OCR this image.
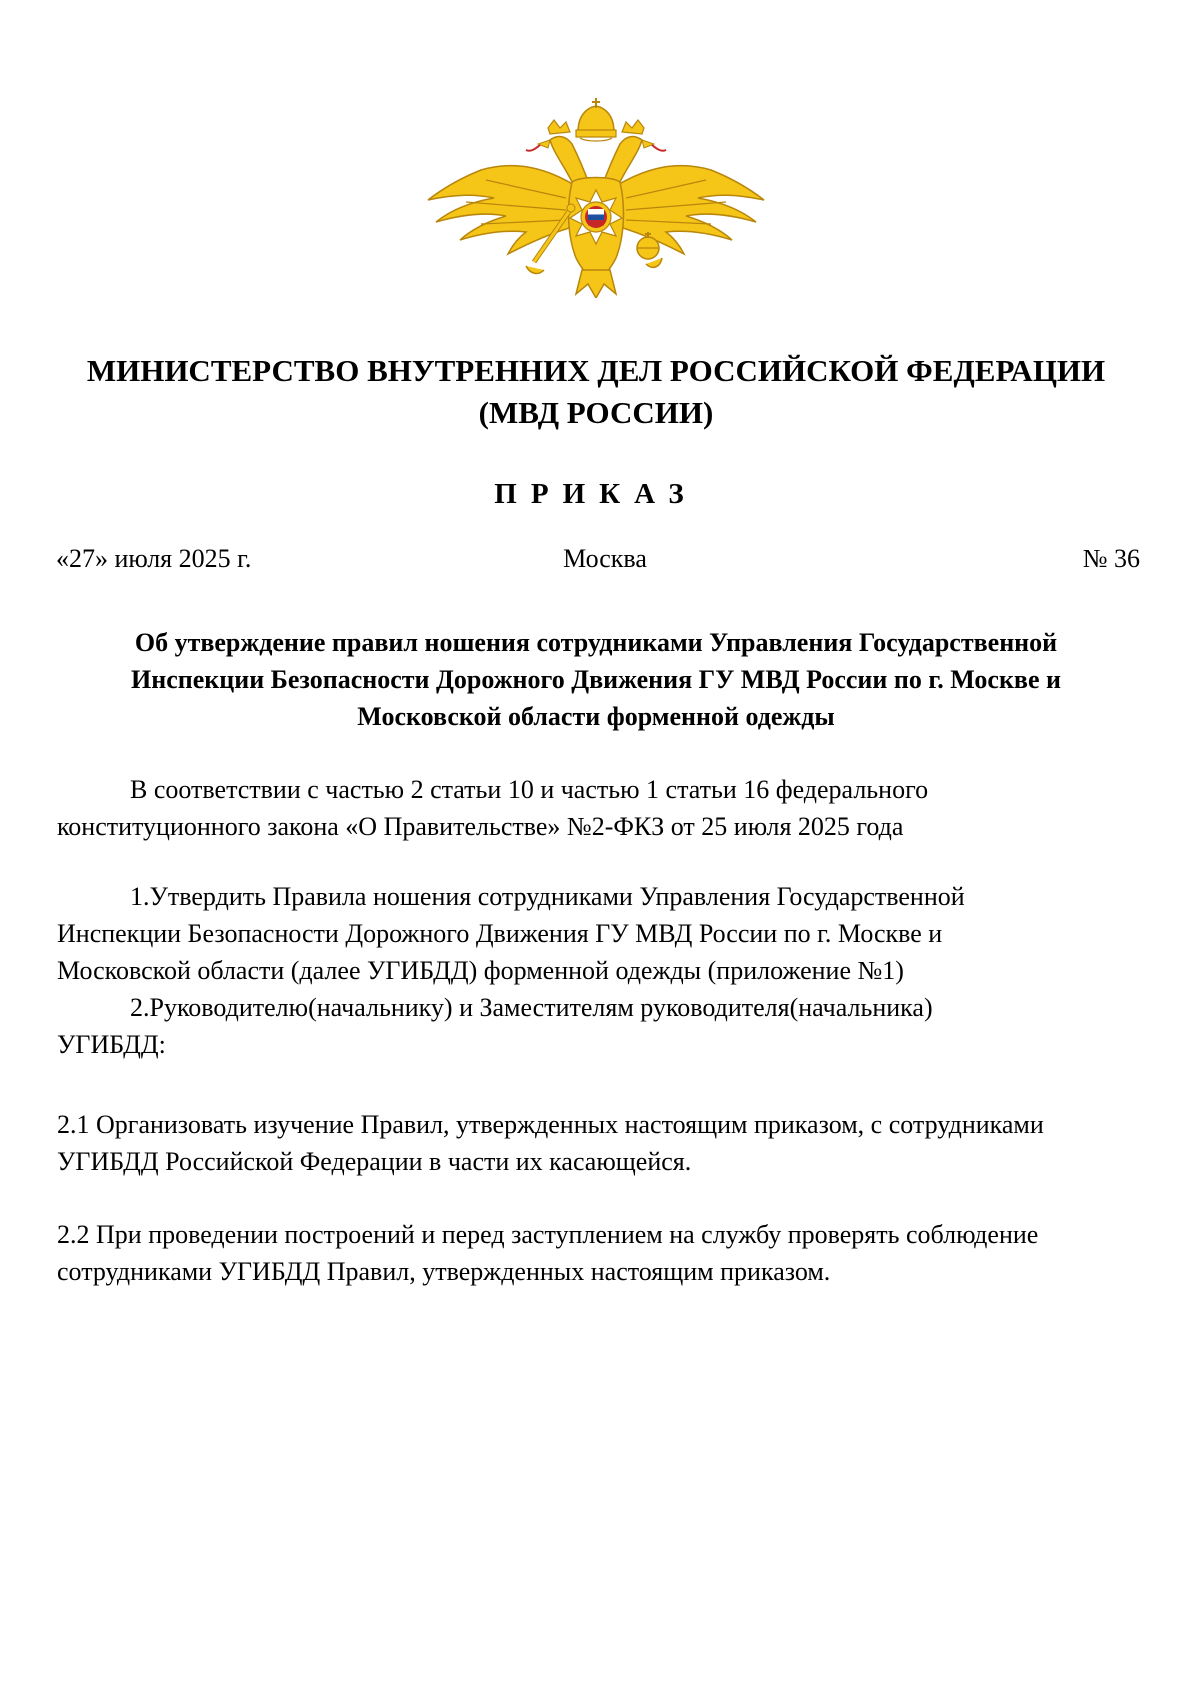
МИНИСТЕРСТВО ВНУТРЕННИХ ДЕЛ РОССИЙСКОЙ ФЕДЕРАЦИИ
(МВД РОССИИ)
ПРИКАЗ
«27» июля 2025 г.	Москва	№ 36
Об утверждение правил ношения сотрудниками Управления Государственной
Инспекции Безопасности Дорожного Движения ГУ МВД России по г. Москве и
Московской области форменной одежды
В соответствии с частью 2 статьи 10 и частью 1 статьи 16 федерального
конституционного закона «О Правительстве» №2-ФКЗ от 25 июля 2025 года
1.Утвердить Правила ношения сотрудниками Управления Государственной
Инспекции Безопасности Дорожного Движения ГУ МВД России по г. Москве и
Московской области (далее УГИБДД) форменной одежды (приложение №1)
2.Руководителю(начальнику) и Заместителям руководителя(начальника)
УГИБДД:
2.1 Организовать изучение Правил, утвержденных настоящим приказом, с сотрудниками
УГИБДД Российской Федерации в части их касающейся.
2.2 При проведении построений и перед заступлением на службу проверять соблюдение
сотрудниками УГИБДД Правил, утвержденных настоящим приказом.
